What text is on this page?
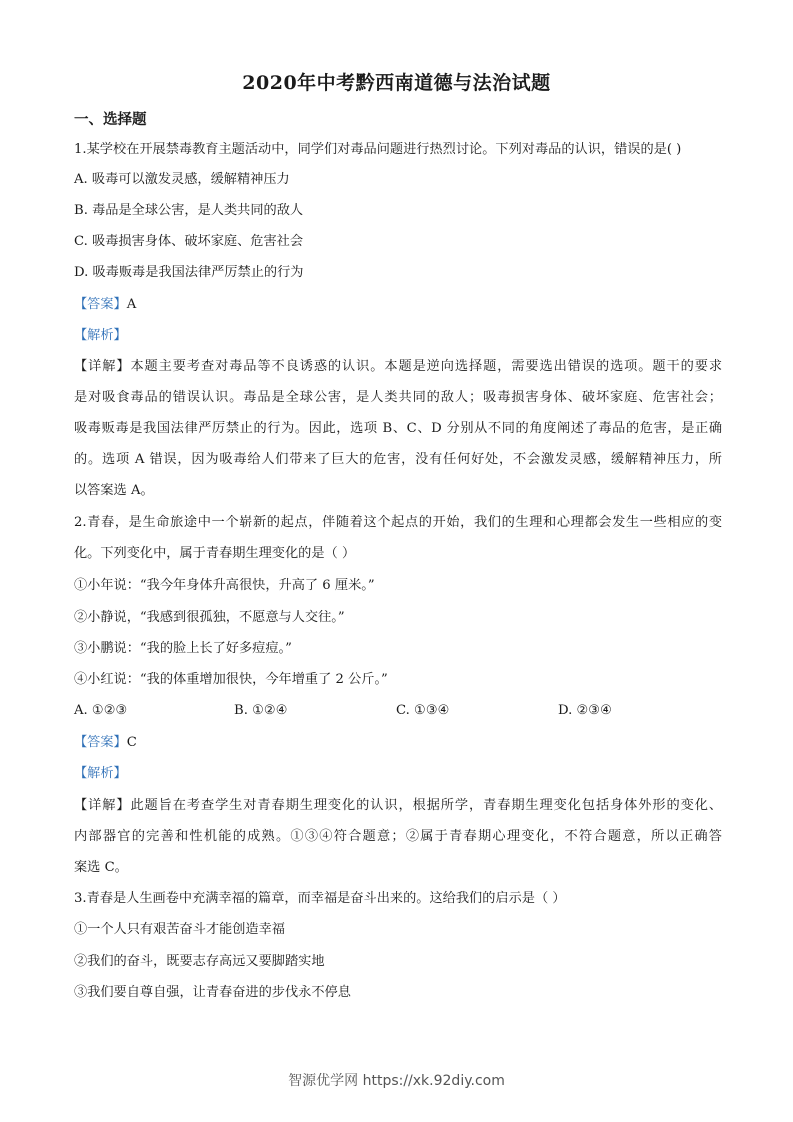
2020年中考黔西南道德与法治试题
一、选择题
1.某学校在开展禁毒教育主题活动中，同学们对毒品问题进行热烈讨论。下列对毒品的认识，错误的是( )
A. 吸毒可以激发灵感，缓解精神压力
B. 毒品是全球公害，是人类共同的敌人
C. 吸毒损害身体、破坏家庭、危害社会
D. 吸毒贩毒是我国法律严厉禁止的行为
【答案】A
【解析】
【详解】本题主要考查对毒品等不良诱惑的认识。本题是逆向选择题，需要选出错误的选项。题干的要求
是对吸食毒品的错误认识。毒品是全球公害，是人类共同的敌人；吸毒损害身体、破坏家庭、危害社会；
吸毒贩毒是我国法律严厉禁止的行为。因此，选项 B、C、D 分别从不同的角度阐述了毒品的危害，是正确
的。选项 A 错误，因为吸毒给人们带来了巨大的危害，没有任何好处，不会激发灵感，缓解精神压力，所
以答案选 A。
2.青春，是生命旅途中一个崭新的起点，伴随着这个起点的开始，我们的生理和心理都会发生一些相应的变
化。下列变化中，属于青春期生理变化的是（ ）
①小年说：“我今年身体升高很快，升高了 6 厘米。”
②小静说，“我感到很孤独，不愿意与人交往。”
③小鹏说：“我的脸上长了好多痘痘。”
④小红说：“我的体重增加很快，今年增重了 2 公斤。”
A. ①②③	B. ①②④	C. ①③④	D. ②③④
【答案】C
【解析】
【详解】此题旨在考查学生对青春期生理变化的认识，根据所学，青春期生理变化包括身体外形的变化、
内部器官的完善和性机能的成熟。①③④符合题意；②属于青春期心理变化，不符合题意，所以正确答
案选 C。
3.青春是人生画卷中充满幸福的篇章，而幸福是奋斗出来的。这给我们的启示是（ ）
①一个人只有艰苦奋斗才能创造幸福
②我们的奋斗，既要志存高远又要脚踏实地
③我们要自尊自强，让青春奋进的步伐永不停息
智源优学网 https://xk.92diy.com
